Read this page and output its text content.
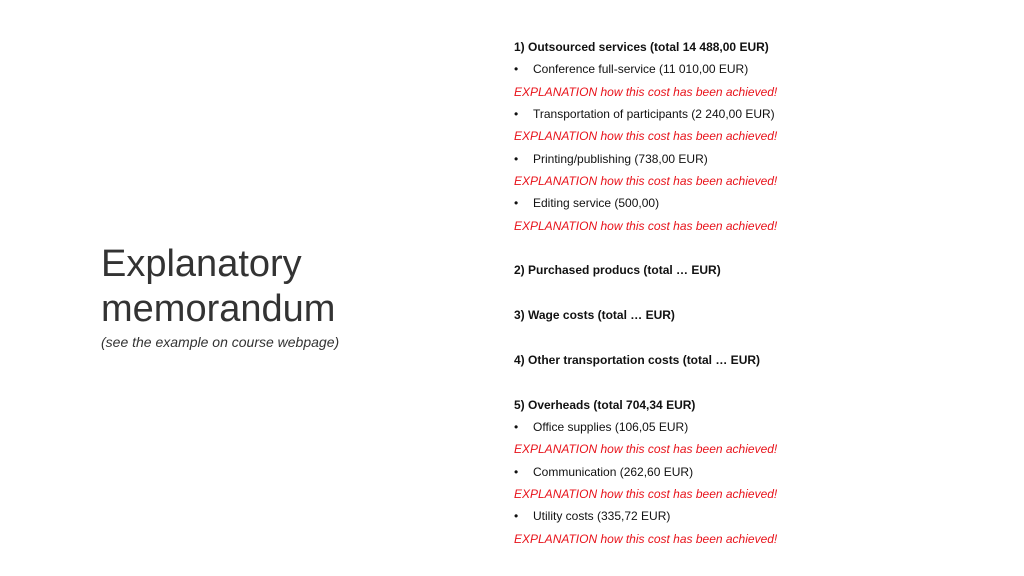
Explanatory
memorandum
(see the example on course webpage)
1) Outsourced services (total 14 488,00 EUR)
• Conference full-service (11 010,00 EUR)
EXPLANATION how this cost has been achieved!
• Transportation of participants (2 240,00 EUR)
EXPLANATION how this cost has been achieved!
• Printing/publishing (738,00 EUR)
EXPLANATION how this cost has been achieved!
• Editing service (500,00)
EXPLANATION how this cost has been achieved!
2) Purchased producs (total … EUR)
3) Wage costs (total … EUR)
4) Other transportation costs (total … EUR)
5) Overheads (total 704,34 EUR)
• Office supplies (106,05 EUR)
EXPLANATION how this cost has been achieved!
• Communication (262,60 EUR)
EXPLANATION how this cost has been achieved!
• Utility costs (335,72 EUR)
EXPLANATION how this cost has been achieved!
